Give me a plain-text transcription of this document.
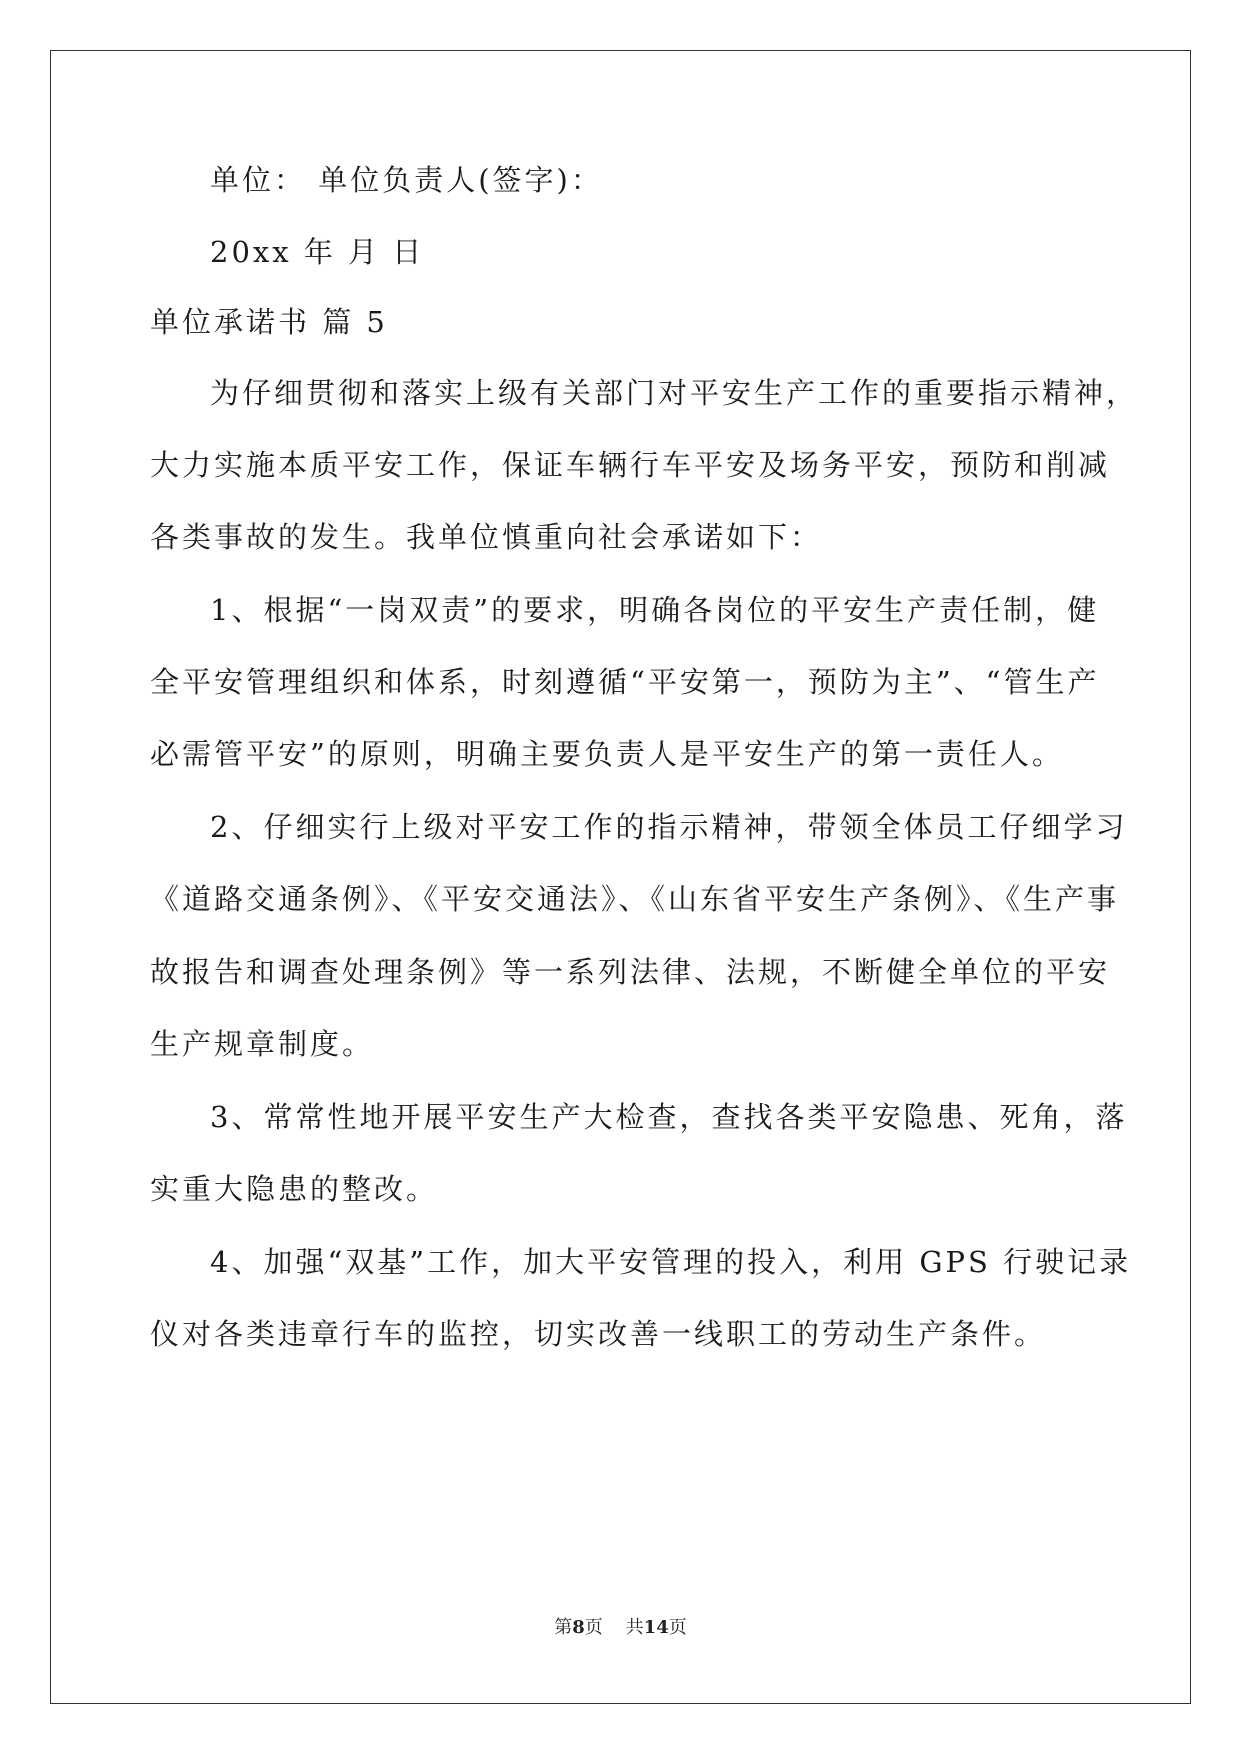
单位： 单位负责人(签字)：
20xx 年 月 日
单位承诺书 篇 5
为仔细贯彻和落实上级有关部门对平安生产工作的重要指示精神，
大力实施本质平安工作，保证车辆行车平安及场务平安，预防和削减
各类事故的发生。我单位慎重向社会承诺如下：
1、根据“一岗双责”的要求，明确各岗位的平安生产责任制，健
全平安管理组织和体系，时刻遵循“平安第一，预防为主”、“管生产
必需管平安”的原则，明确主要负责人是平安生产的第一责任人。
2、仔细实行上级对平安工作的指示精神，带领全体员工仔细学习
《道路交通条例》、《平安交通法》、《山东省平安生产条例》、《生产事
故报告和调查处理条例》等一系列法律、法规，不断健全单位的平安
生产规章制度。
3、常常性地开展平安生产大检查，查找各类平安隐患、死角，落
实重大隐患的整改。
4、加强“双基”工作，加大平安管理的投入，利用 GPS 行驶记录
仪对各类违章行车的监控，切实改善一线职工的劳动生产条件。
第8页    共14页
